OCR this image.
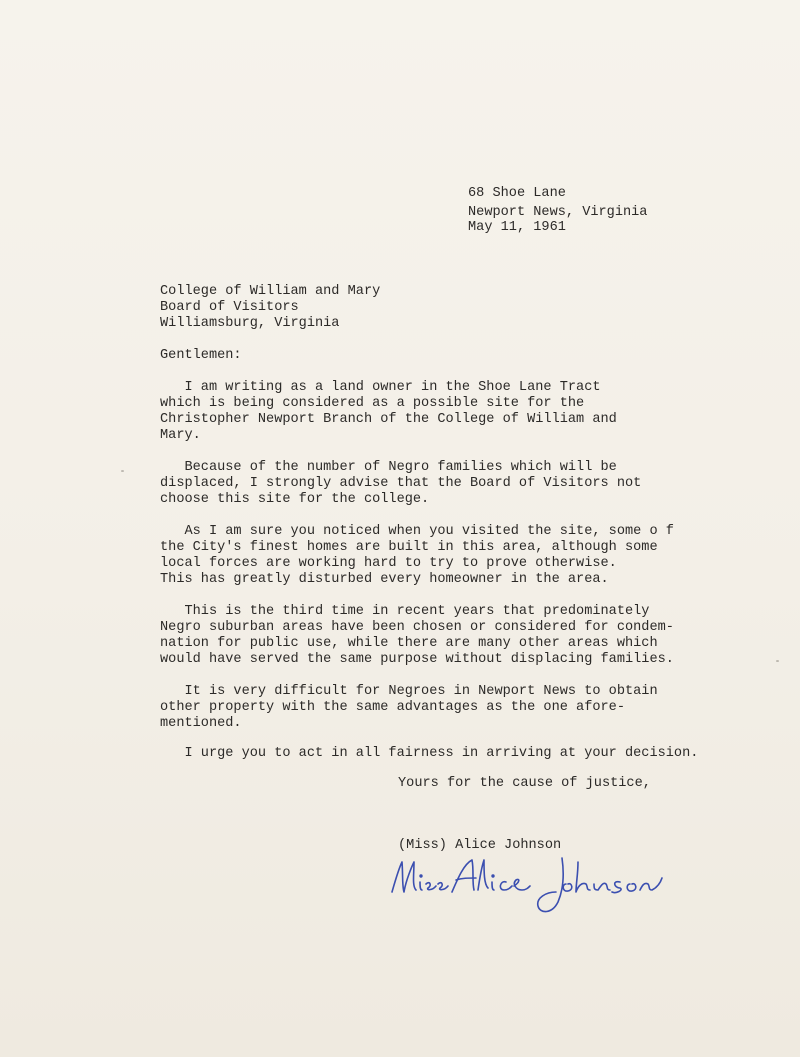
68 Shoe Lane

Newport News, Virginia

May 11, 1961

College of William and Mary

Board of Visitors

Williamsburg, Virginia

Gentlemen:

I am writing as a land owner in the Shoe Lane Tract

which is being considered as a possible site for the

Christopher Newport Branch of the College of William and

Mary.

Because of the number of Negro families which will be

displaced, I strongly advise that the Board of Visitors not

choose this site for the college.

As I am sure you noticed when you visited the site, some o f

the City's finest homes are built in this area, although some

local forces are working hard to try to prove otherwise.

This has greatly disturbed every homeowner in the area.

This is the third time in recent years that predominately

Negro suburban areas have been chosen or considered for condem-

nation for public use, while there are many other areas which

would have served the same purpose without displacing families.

It is very difficult for Negroes in Newport News to obtain

other property with the same advantages as the one afore-

mentioned.

I urge you to act in all fairness in arriving at your decision.

Yours for the cause of justice,

(Miss) Alice Johnson
